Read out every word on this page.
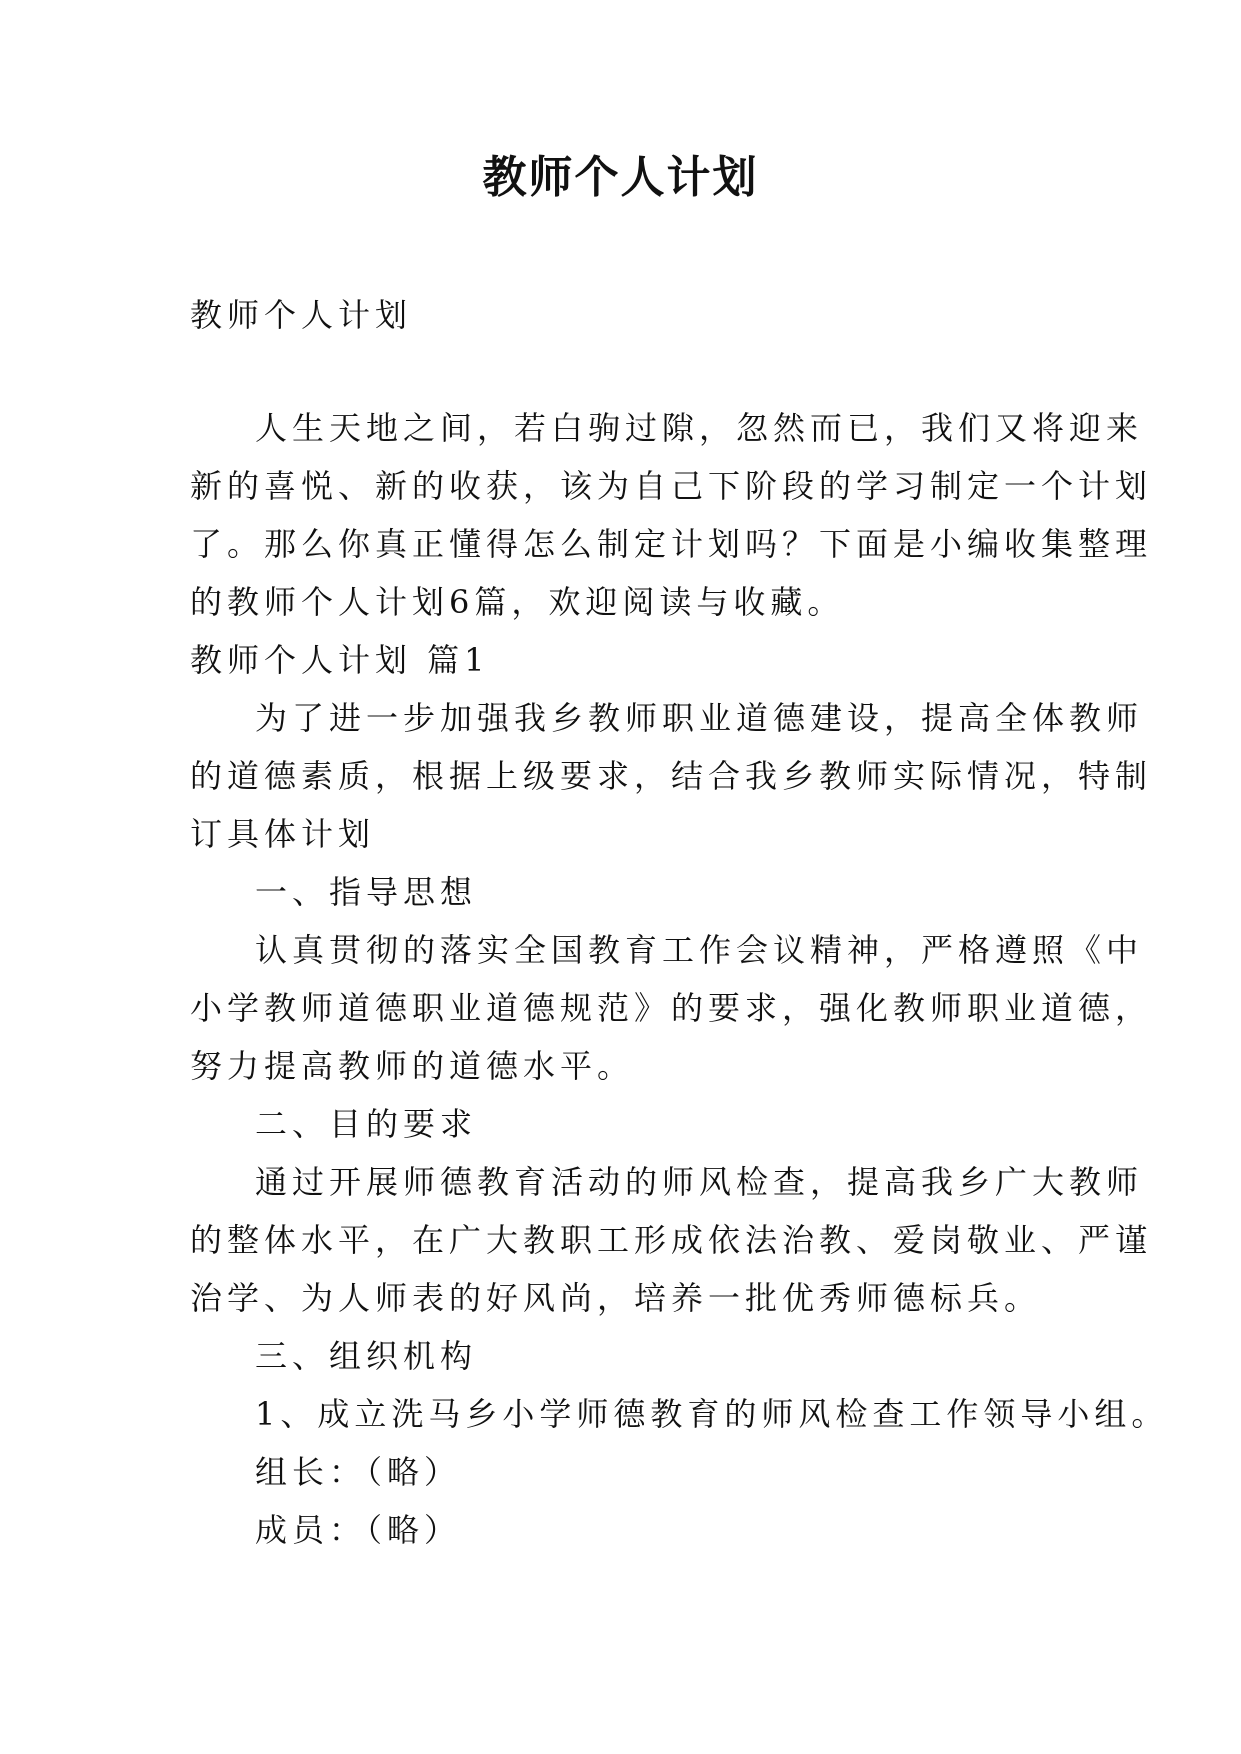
教师个人计划
教师个人计划
人生天地之间，若白驹过隙，忽然而已，我们又将迎来
新的喜悦、新的收获，该为自己下阶段的学习制定一个计划
了。那么你真正懂得怎么制定计划吗？下面是小编收集整理
的教师个人计划6篇，欢迎阅读与收藏。
教师个人计划 篇1
为了进一步加强我乡教师职业道德建设，提高全体教师
的道德素质，根据上级要求，结合我乡教师实际情况，特制
订具体计划
一、指导思想
认真贯彻的落实全国教育工作会议精神，严格遵照《中
小学教师道德职业道德规范》的要求，强化教师职业道德，
努力提高教师的道德水平。
二、目的要求
通过开展师德教育活动的师风检查，提高我乡广大教师
的整体水平，在广大教职工形成依法治教、爱岗敬业、严谨
治学、为人师表的好风尚，培养一批优秀师德标兵。
三、组织机构
1、成立洗马乡小学师德教育的师风检查工作领导小组。
组长：（略）
成员：（略）
